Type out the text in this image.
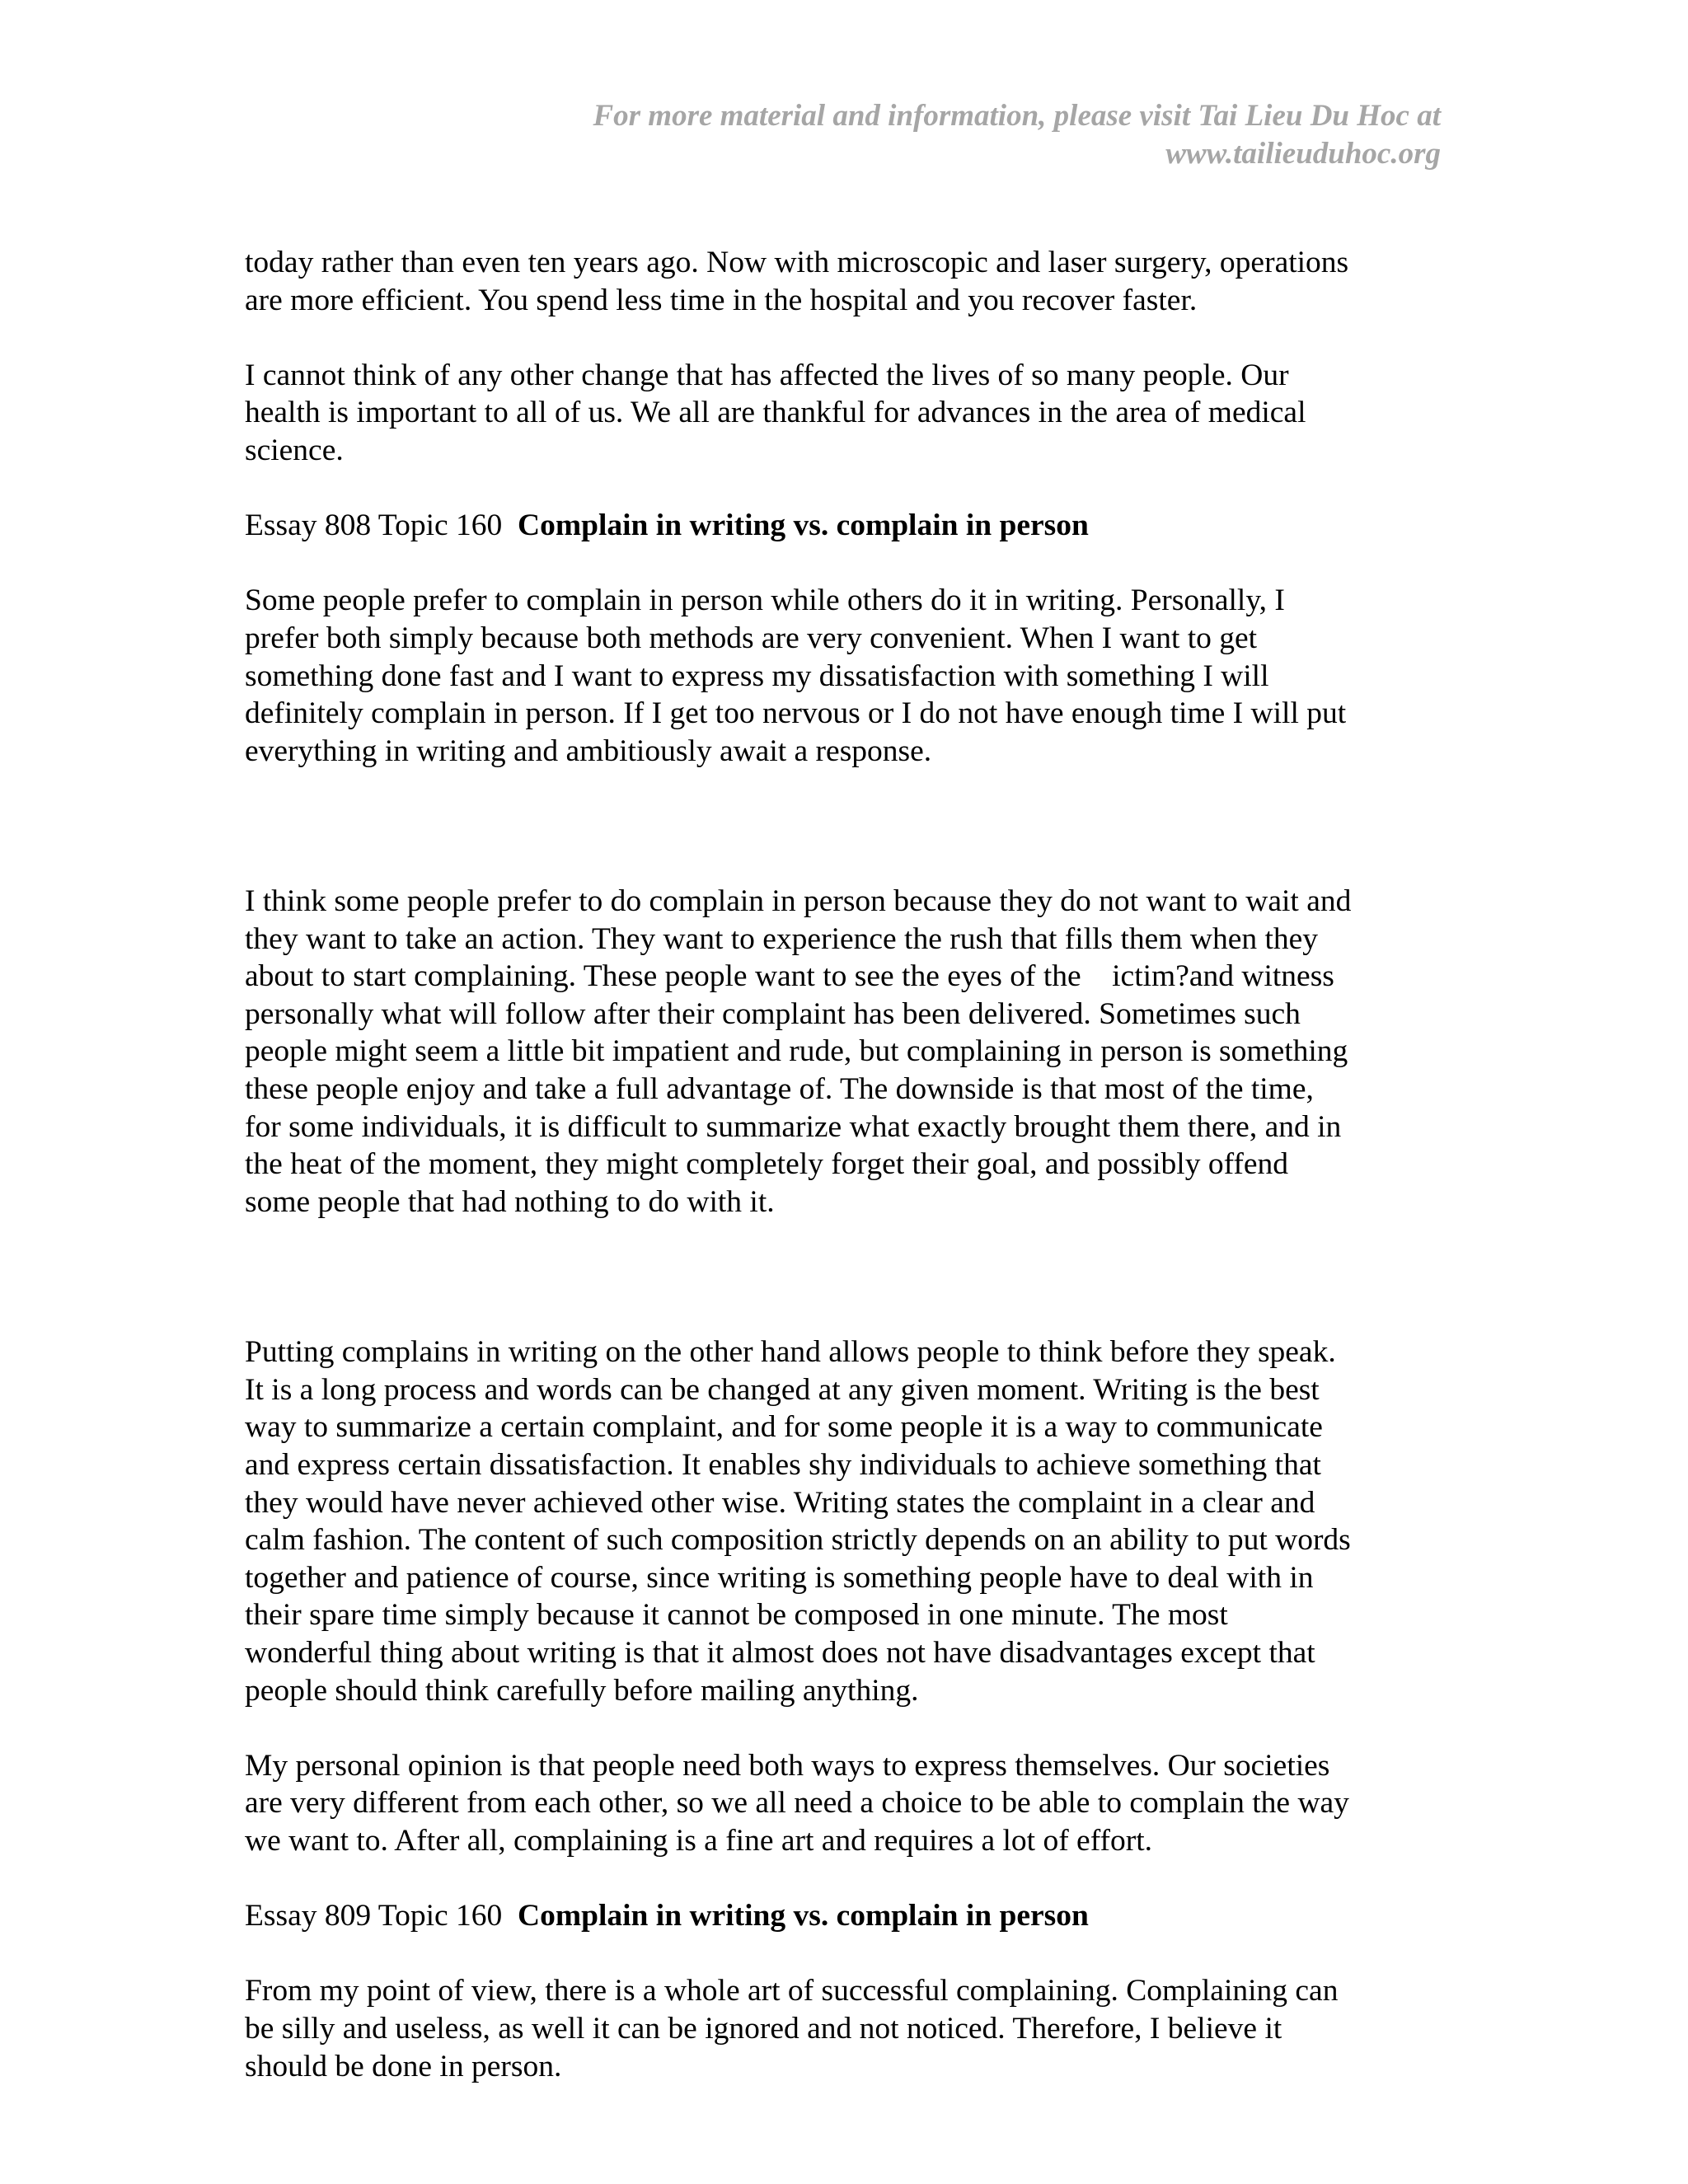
For more material and information, please visit Tai Lieu Du Hoc at
www.tailieuduhoc.org

today rather than even ten years ago. Now with microscopic and laser surgery, operations
are more efficient. You spend less time in the hospital and you recover faster.

I cannot think of any other change that has affected the lives of so many people. Our
health is important to all of us. We all are thankful for advances in the area of medical
science.

Essay 808 Topic 160 Complain in writing vs. complain in person

Some people prefer to complain in person while others do it in writing. Personally, I
prefer both simply because both methods are very convenient. When I want to get
something done fast and I want to express my dissatisfaction with something I will
definitely complain in person. If I get too nervous or I do not have enough time I will put
everything in writing and ambitiously await a response.

I think some people prefer to do complain in person because they do not want to wait and
they want to take an action. They want to experience the rush that fills them when they
about to start complaining. These people want to see the eyes of the    ictim?and witness
personally what will follow after their complaint has been delivered. Sometimes such
people might seem a little bit impatient and rude, but complaining in person is something
these people enjoy and take a full advantage of. The downside is that most of the time,
for some individuals, it is difficult to summarize what exactly brought them there, and in
the heat of the moment, they might completely forget their goal, and possibly offend
some people that had nothing to do with it.

Putting complains in writing on the other hand allows people to think before they speak.
It is a long process and words can be changed at any given moment. Writing is the best
way to summarize a certain complaint, and for some people it is a way to communicate
and express certain dissatisfaction. It enables shy individuals to achieve something that
they would have never achieved other wise. Writing states the complaint in a clear and
calm fashion. The content of such composition strictly depends on an ability to put words
together and patience of course, since writing is something people have to deal with in
their spare time simply because it cannot be composed in one minute. The most
wonderful thing about writing is that it almost does not have disadvantages except that
people should think carefully before mailing anything.

My personal opinion is that people need both ways to express themselves. Our societies
are very different from each other, so we all need a choice to be able to complain the way
we want to. After all, complaining is a fine art and requires a lot of effort.

Essay 809 Topic 160 Complain in writing vs. complain in person

From my point of view, there is a whole art of successful complaining. Complaining can
be silly and useless, as well it can be ignored and not noticed. Therefore, I believe it
should be done in person.
